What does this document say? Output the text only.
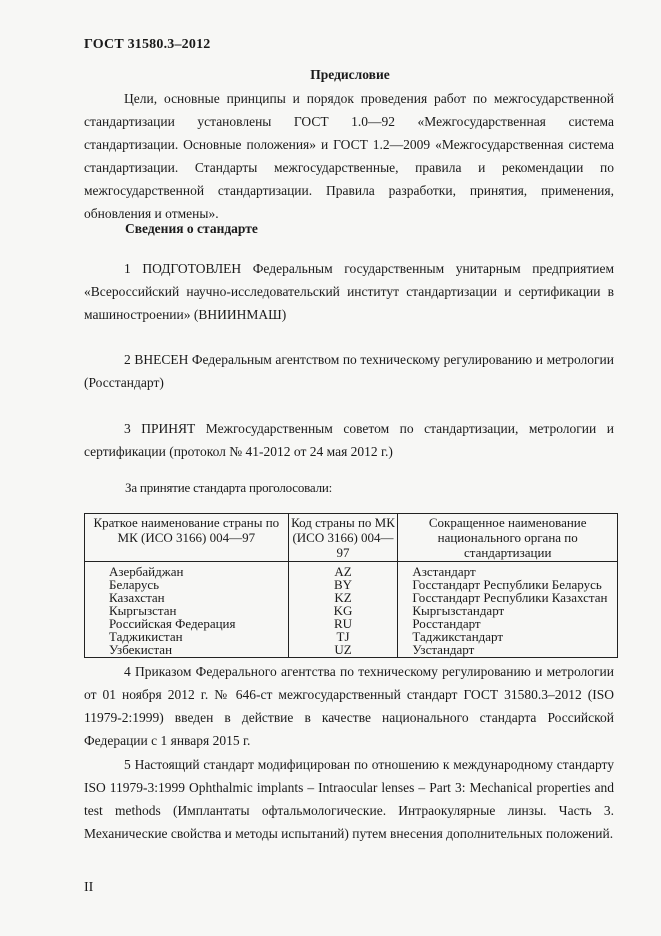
ГОСТ 31580.3–2012
Предисловие
Цели, основные принципы и порядок проведения работ по межгосударственной стандартизации установлены ГОСТ 1.0—92 «Межгосударственная система стандартизации. Основные положения» и ГОСТ 1.2—2009 «Межгосударственная система стандартизации. Стандарты межгосударственные, правила и рекомендации по межгосударственной стандартизации. Правила разработки, принятия, применения, обновления и отмены».
Сведения о стандарте
1 ПОДГОТОВЛЕН Федеральным государственным унитарным предприятием «Всероссийский научно-исследовательский институт стандартизации и сертификации в машиностроении» (ВНИИНМАШ)
2 ВНЕСЕН Федеральным агентством по техническому регулированию и метрологии (Росстандарт)
3 ПРИНЯТ Межгосударственным советом по стандартизации, метрологии и сертификации (протокол № 41-2012 от 24 мая 2012 г.)
За принятие стандарта проголосовали:
Краткое наименование страны по МК (ИСО 3166) 004—97	Код страны по МК (ИСО 3166) 004—97	Сокращенное наименование национального органа по стандартизации
Азербайджан	AZ	Азстандарт
Беларусь	BY	Госстандарт Республики Беларусь
Казахстан	KZ	Госстандарт Республики Казахстан
Кыргызстан	KG	Кыргызстандарт
Российская Федерация	RU	Росстандарт
Таджикистан	TJ	Таджикстандарт
Узбекистан	UZ	Узстандарт
4 Приказом Федерального агентства по техническому регулированию и метрологии от 01 ноября 2012 г. № 646-ст межгосударственный стандарт ГОСТ 31580.3–2012 (ISO 11979-2:1999) введен в действие в качестве национального стандарта Российской Федерации с 1 января 2015 г.
5 Настоящий стандарт модифицирован по отношению к международному стандарту ISO 11979-3:1999 Ophthalmic implants – Intraocular lenses – Part 3: Mechanical properties and test methods (Имплантаты офтальмологические. Интраокулярные линзы. Часть 3. Механические свойства и методы испытаний) путем внесения дополнительных положений.
II
